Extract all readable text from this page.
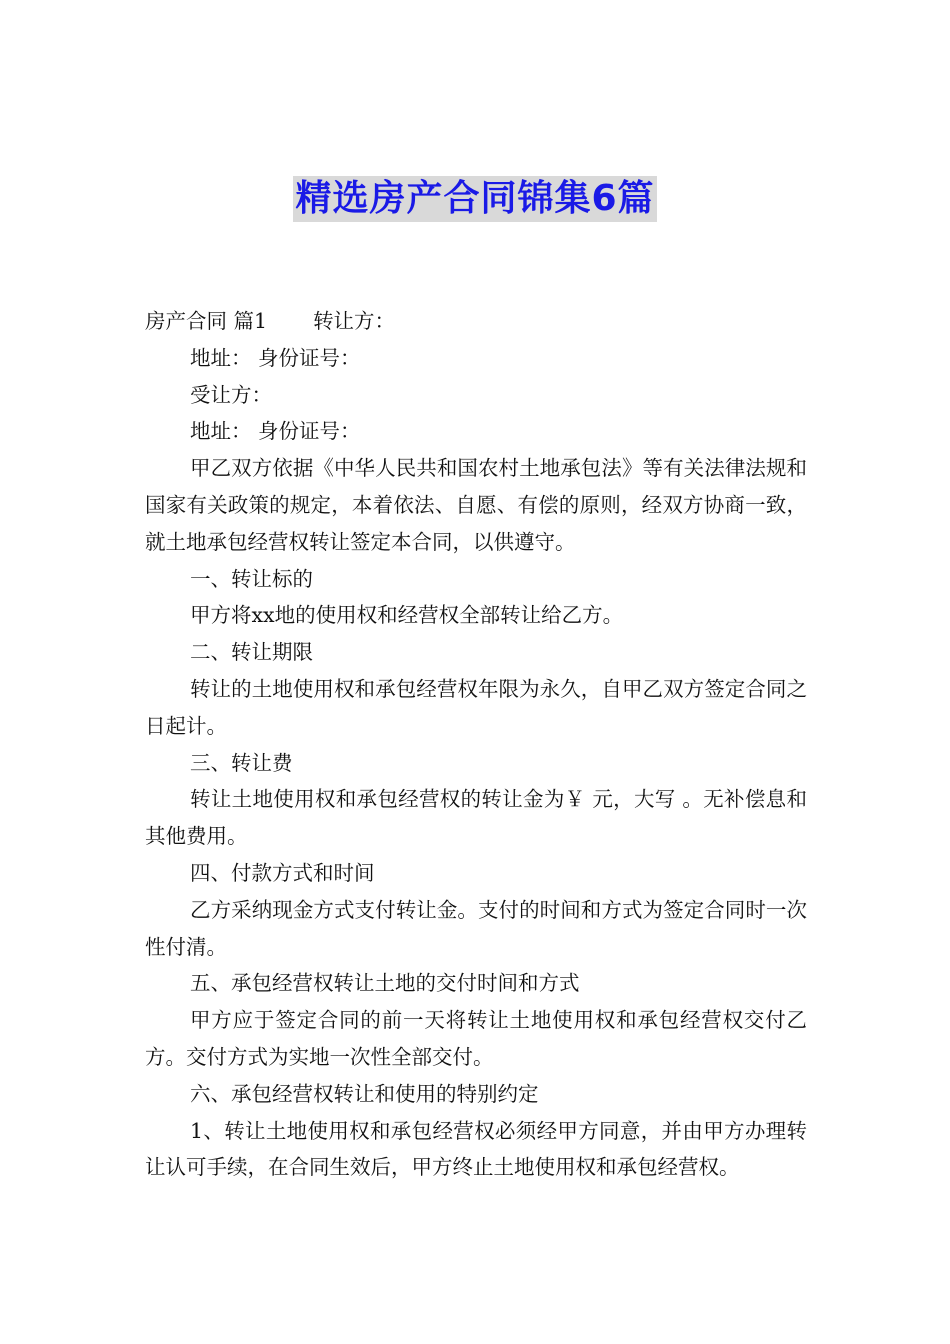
精选房产合同锦集6篇

房产合同 篇1 转让方：

地址： 身份证号：

受让方：

地址： 身份证号：

甲乙双方依据《中华人民共和国农村土地承包法》等有关法律法规和国家有关政策的规定，本着依法、自愿、有偿的原则，经双方协商一致，就土地承包经营权转让签定本合同，以供遵守。

一、转让标的

甲方将xx地的使用权和经营权全部转让给乙方。

二、转让期限

转让的土地使用权和承包经营权年限为永久，自甲乙双方签定合同之日起计。

三、转让费

转让土地使用权和承包经营权的转让金为￥ 元，大写 。无补偿息和其他费用。

四、付款方式和时间

乙方采纳现金方式支付转让金。支付的时间和方式为签定合同时一次性付清。

五、承包经营权转让土地的交付时间和方式

甲方应于签定合同的前一天将转让土地使用权和承包经营权交付乙方。交付方式为实地一次性全部交付。

六、承包经营权转让和使用的特别约定

1、转让土地使用权和承包经营权必须经甲方同意，并由甲方办理转让认可手续，在合同生效后，甲方终止土地使用权和承包经营权。
